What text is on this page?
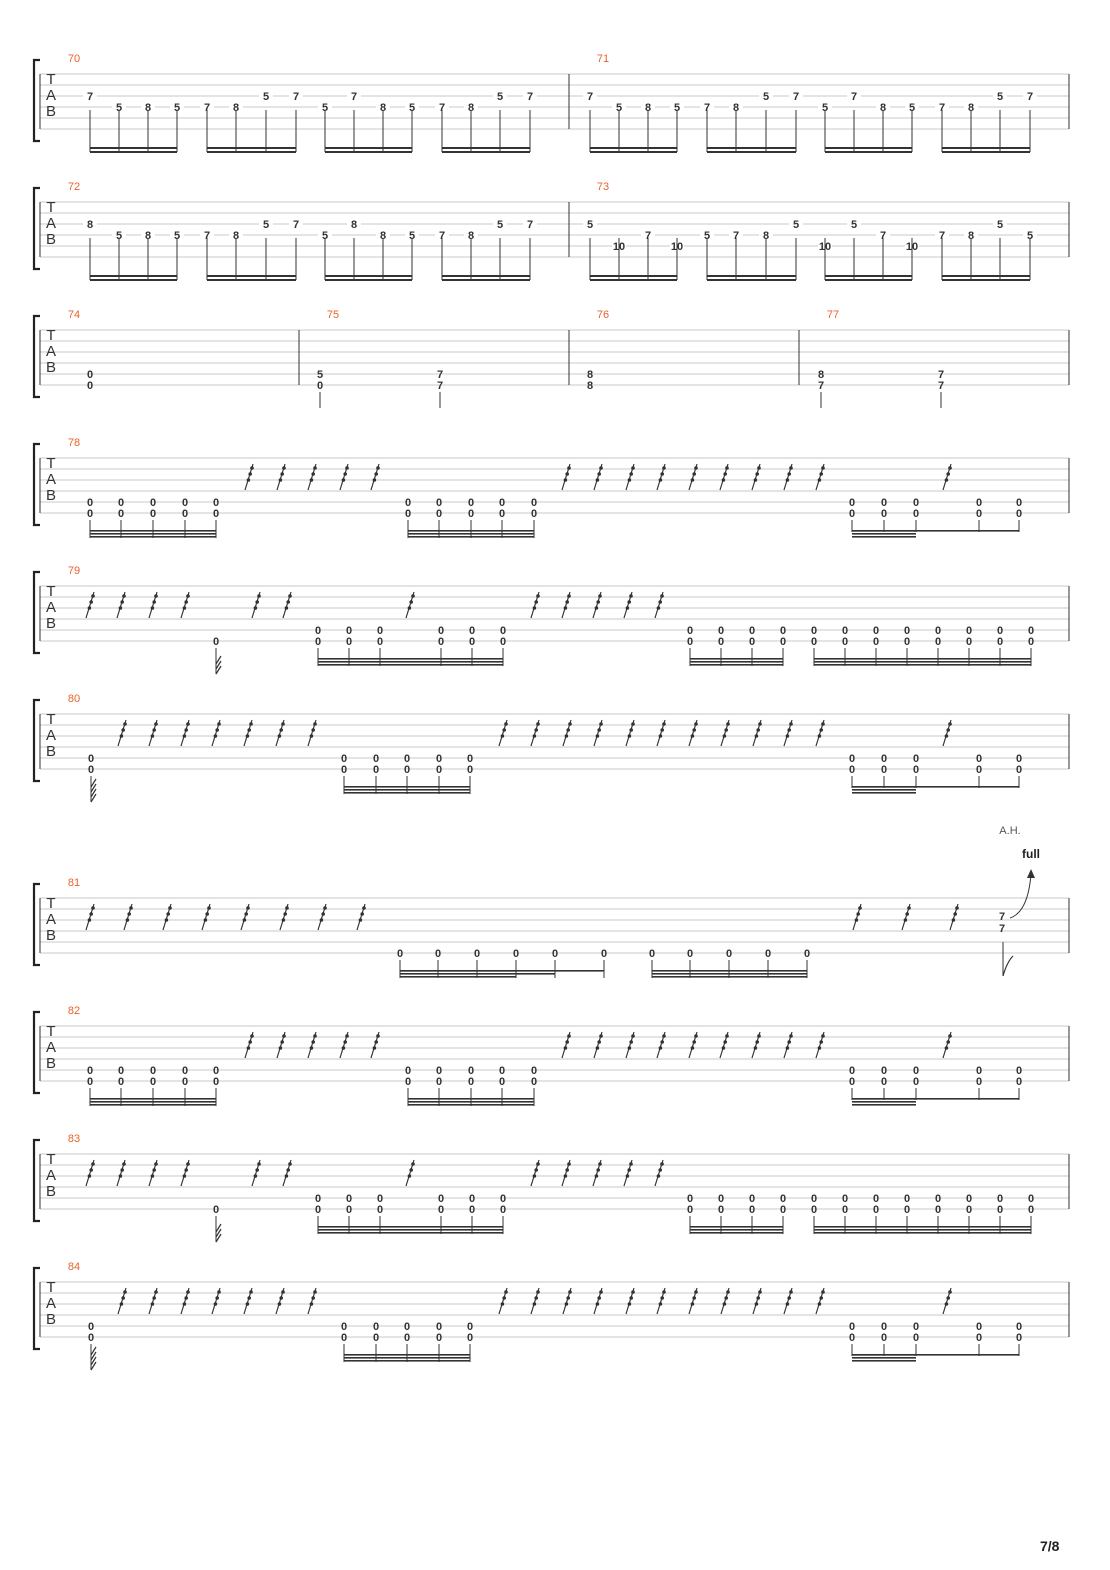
T
A
B
70	71
T
A
B
72	73
T
A
B
74	75	76	77
T
A
B
78
T
A
B
79
T
A
B
80
T
A
B
81
T
A
B
82
T
A
B
83
T
A
B
84
7
5 8 5 7 8
5 7
5
7
8 5 7 8
5 7	7
5 8 5 7 8
5 7
5
7
8 5 7 8
5 7
8
5 8 5 7 8
5 7
5
8
8 5 7 8
5 7	5
10
7
10
5 7 8
5
10
5
7
10
7 8
5
5
0
0
5
0
7
7
8
8
8
7
7
7
0
0
0
0
0
0
0
0
0
0
0
0
0
0
0
0
0
0
0
0
0
0
0
0
0
0
0
0
0
0
0
0
0
0
0
0
0
0
0
0
0
0
0
0
0
0
0
0
0
0
0
0
0
0
0
0
0
0
0
0
0
0
0
0
0
0
0
0
0
0
0
0
0
0
0
0
0
0
0
0
0
0
0
0
0
0
0
0
0
0	0	0	0	0	0	0	0	0	0	0
7
7
A.H.
full
0
0
0
0
0
0
0
0
0
0
0
0
0
0
0
0
0
0
0
0
0
0
0
0
0
0
0
0
0
0
0
0
0
0
0
0
0
0
0
0
0
0
0
0
0
0
0
0
0
0
0
0
0
0
0
0
0
0
0
0
0
0
0
0
0
0
0
0
0
0
0
0
0
0
0
0
0
0
0
0
0
0
0
0
0
0
0
0
0
7/8
